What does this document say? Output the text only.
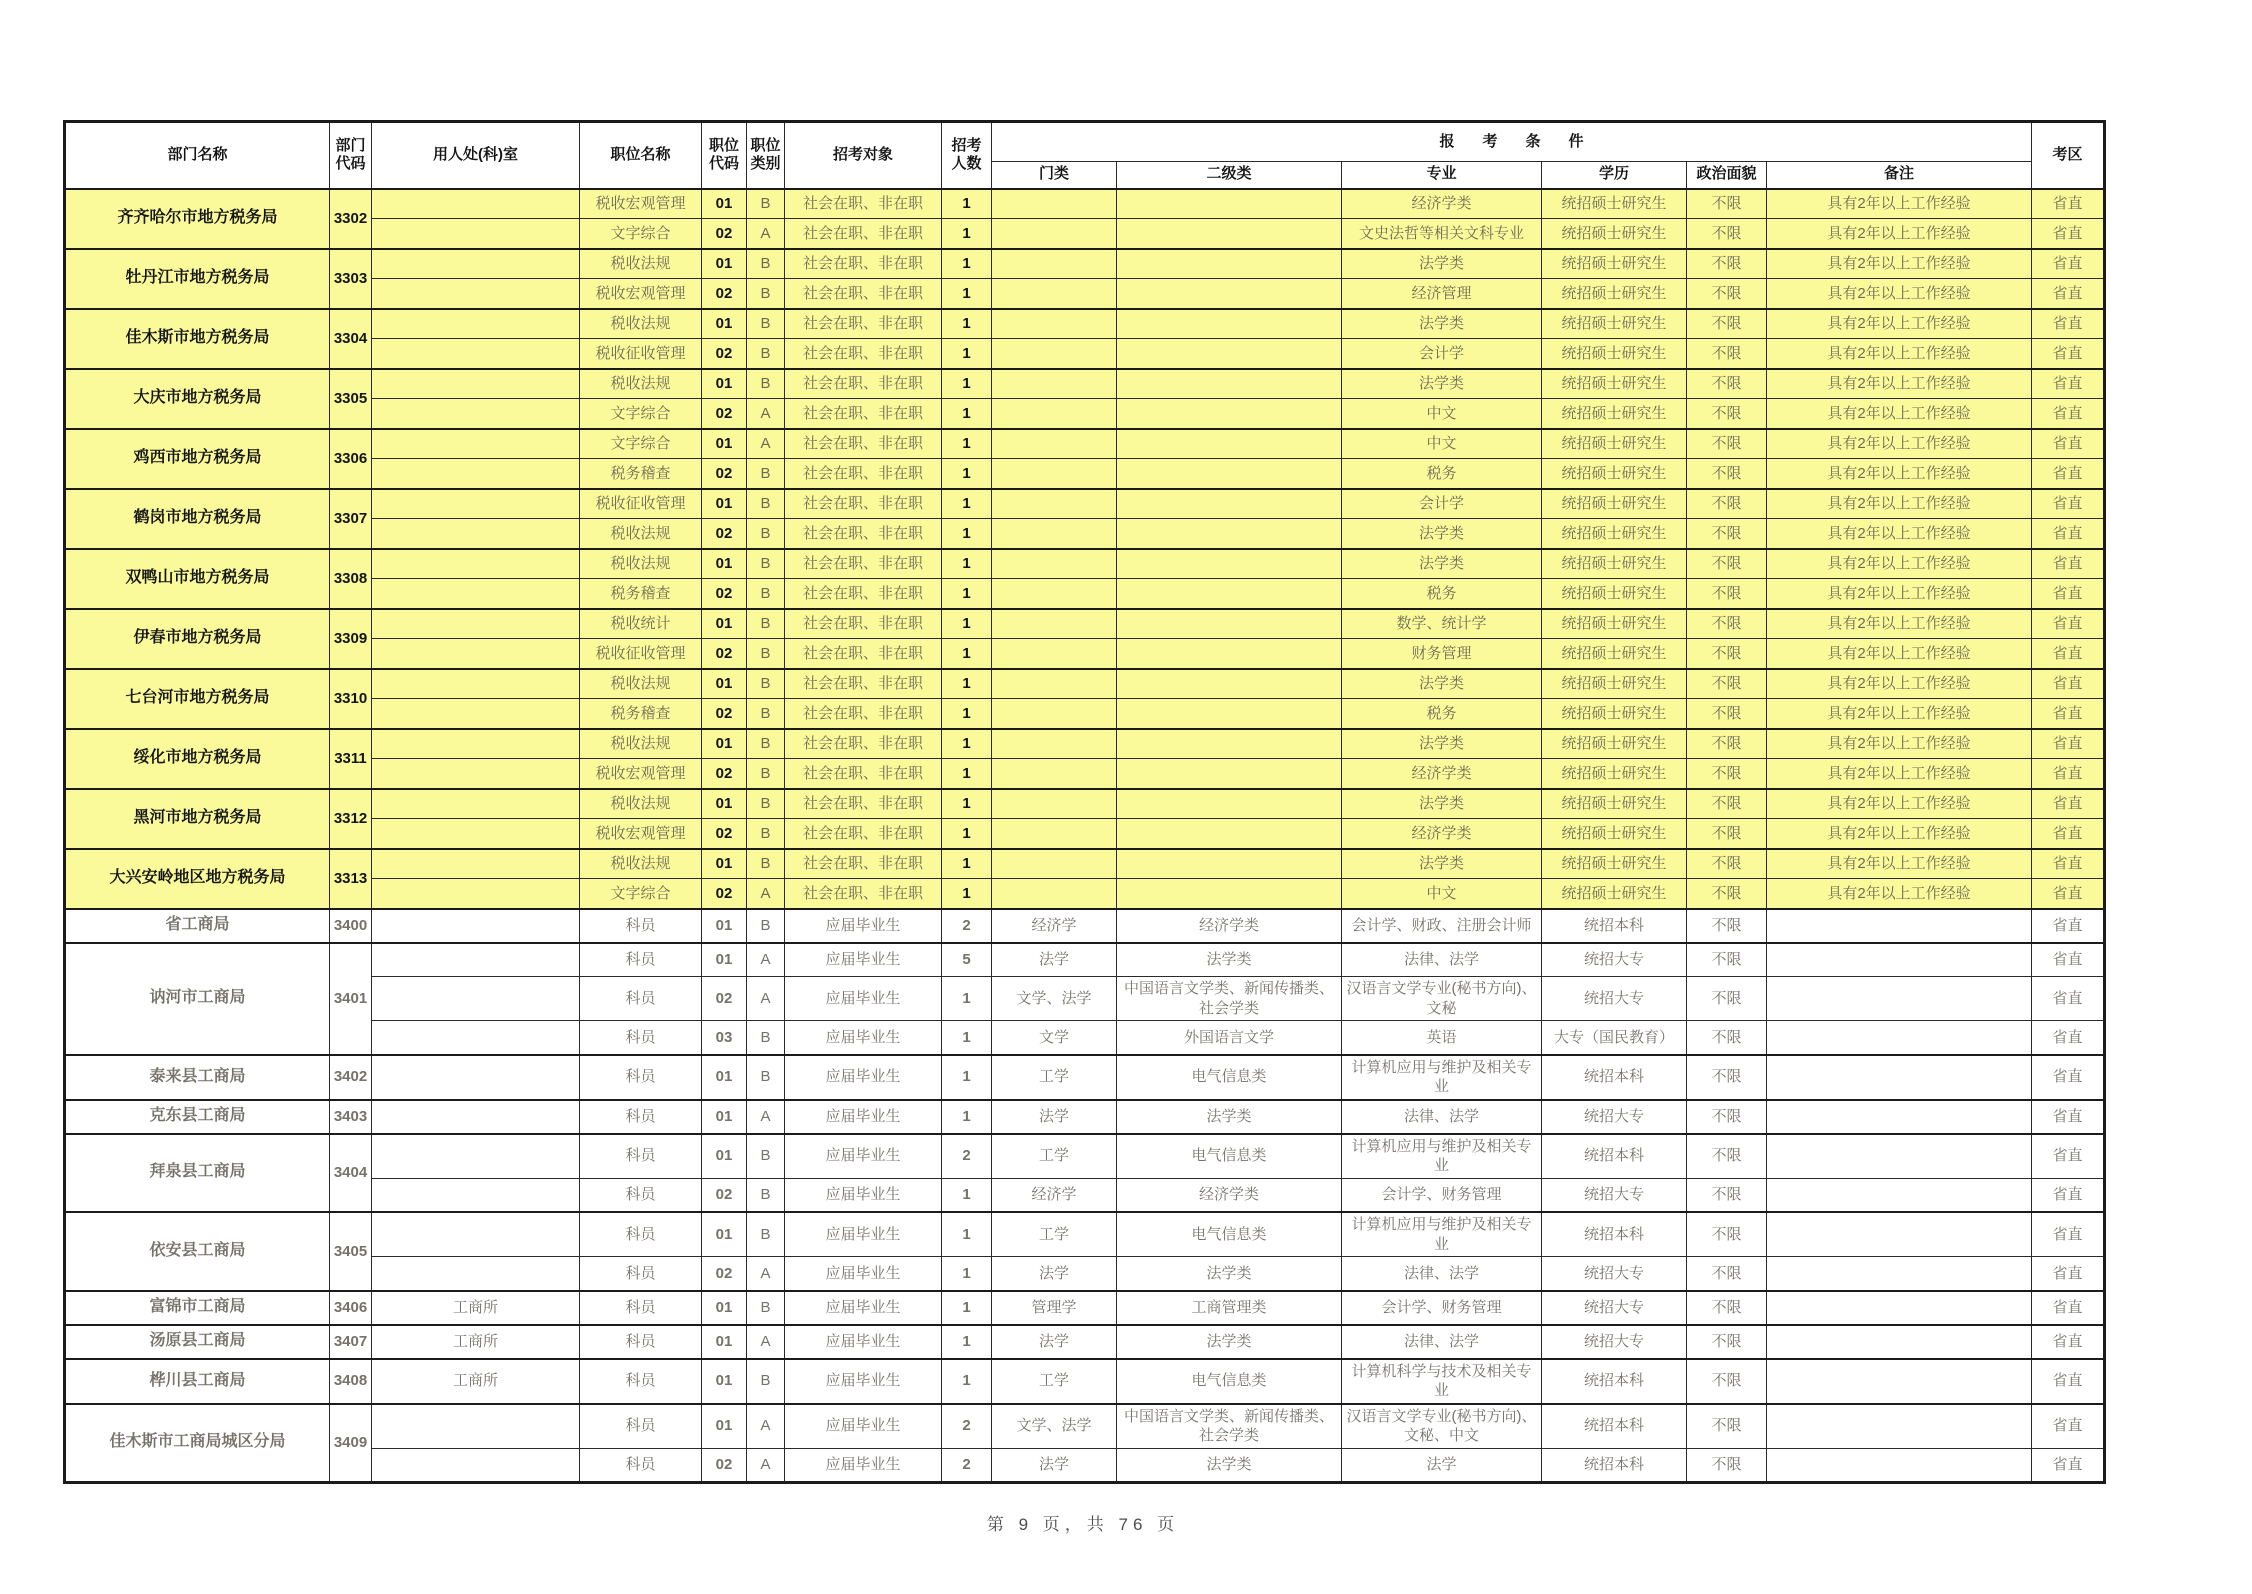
部门名称	部门代码	用人处(科)室	职位名称	职位代码	职位类别	招考对象	招考人数	报考条件						考区
								门类	二级类	专业	学历	政治面貌	备注	
齐齐哈尔市地方税务局	3302		税收宏观管理	01	B	社会在职、非在职	1			经济学类	统招硕士研究生	不限	具有2年以上工作经验	省直
			文字综合	02	A	社会在职、非在职	1			文史法哲等相关文科专业	统招硕士研究生	不限	具有2年以上工作经验	省直
牡丹江市地方税务局	3303		税收法规	01	B	社会在职、非在职	1			法学类	统招硕士研究生	不限	具有2年以上工作经验	省直
			税收宏观管理	02	B	社会在职、非在职	1			经济管理	统招硕士研究生	不限	具有2年以上工作经验	省直
佳木斯市地方税务局	3304		税收法规	01	B	社会在职、非在职	1			法学类	统招硕士研究生	不限	具有2年以上工作经验	省直
			税收征收管理	02	B	社会在职、非在职	1			会计学	统招硕士研究生	不限	具有2年以上工作经验	省直
大庆市地方税务局	3305		税收法规	01	B	社会在职、非在职	1			法学类	统招硕士研究生	不限	具有2年以上工作经验	省直
			文字综合	02	A	社会在职、非在职	1			中文	统招硕士研究生	不限	具有2年以上工作经验	省直
鸡西市地方税务局	3306		文字综合	01	A	社会在职、非在职	1			中文	统招硕士研究生	不限	具有2年以上工作经验	省直
			税务稽查	02	B	社会在职、非在职	1			税务	统招硕士研究生	不限	具有2年以上工作经验	省直
鹤岗市地方税务局	3307		税收征收管理	01	B	社会在职、非在职	1			会计学	统招硕士研究生	不限	具有2年以上工作经验	省直
			税收法规	02	B	社会在职、非在职	1			法学类	统招硕士研究生	不限	具有2年以上工作经验	省直
双鸭山市地方税务局	3308		税收法规	01	B	社会在职、非在职	1			法学类	统招硕士研究生	不限	具有2年以上工作经验	省直
			税务稽查	02	B	社会在职、非在职	1			税务	统招硕士研究生	不限	具有2年以上工作经验	省直
伊春市地方税务局	3309		税收统计	01	B	社会在职、非在职	1			数学、统计学	统招硕士研究生	不限	具有2年以上工作经验	省直
			税收征收管理	02	B	社会在职、非在职	1			财务管理	统招硕士研究生	不限	具有2年以上工作经验	省直
七台河市地方税务局	3310		税收法规	01	B	社会在职、非在职	1			法学类	统招硕士研究生	不限	具有2年以上工作经验	省直
			税务稽查	02	B	社会在职、非在职	1			税务	统招硕士研究生	不限	具有2年以上工作经验	省直
绥化市地方税务局	3311		税收法规	01	B	社会在职、非在职	1			法学类	统招硕士研究生	不限	具有2年以上工作经验	省直
			税收宏观管理	02	B	社会在职、非在职	1			经济学类	统招硕士研究生	不限	具有2年以上工作经验	省直
黑河市地方税务局	3312		税收法规	01	B	社会在职、非在职	1			法学类	统招硕士研究生	不限	具有2年以上工作经验	省直
			税收宏观管理	02	B	社会在职、非在职	1			经济学类	统招硕士研究生	不限	具有2年以上工作经验	省直
大兴安岭地区地方税务局	3313		税收法规	01	B	社会在职、非在职	1			法学类	统招硕士研究生	不限	具有2年以上工作经验	省直
			文字综合	02	A	社会在职、非在职	1			中文	统招硕士研究生	不限	具有2年以上工作经验	省直
省工商局	3400		科员	01	B	应届毕业生	2	经济学	经济学类	会计学、财政、注册会计师	统招本科	不限		省直
讷河市工商局	3401		科员	01	A	应届毕业生	5	法学	法学类	法律、法学	统招大专	不限		省直
			科员	02	A	应届毕业生	1	文学、法学	中国语言文学类、新闻传播类、社会学类	汉语言文学专业(秘书方向)、文秘	统招大专	不限		省直
			科员	03	B	应届毕业生	1	文学	外国语言文学	英语	大专（国民教育）	不限		省直
泰来县工商局	3402		科员	01	B	应届毕业生	1	工学	电气信息类	计算机应用与维护及相关专业	统招本科	不限		省直
克东县工商局	3403		科员	01	A	应届毕业生	1	法学	法学类	法律、法学	统招大专	不限		省直
拜泉县工商局	3404		科员	01	B	应届毕业生	2	工学	电气信息类	计算机应用与维护及相关专业	统招本科	不限		省直
			科员	02	B	应届毕业生	1	经济学	经济学类	会计学、财务管理	统招大专	不限		省直
依安县工商局	3405		科员	01	B	应届毕业生	1	工学	电气信息类	计算机应用与维护及相关专业	统招本科	不限		省直
			科员	02	A	应届毕业生	1	法学	法学类	法律、法学	统招大专	不限		省直
富锦市工商局	3406	工商所	科员	01	B	应届毕业生	1	管理学	工商管理类	会计学、财务管理	统招大专	不限		省直
汤原县工商局	3407	工商所	科员	01	A	应届毕业生	1	法学	法学类	法律、法学	统招大专	不限		省直
桦川县工商局	3408	工商所	科员	01	B	应届毕业生	1	工学	电气信息类	计算机科学与技术及相关专业	统招本科	不限		省直
佳木斯市工商局城区分局	3409		科员	01	A	应届毕业生	2	文学、法学	中国语言文学类、新闻传播类、社会学类	汉语言文学专业(秘书方向)、文秘、中文	统招本科	不限		省直
			科员	02	A	应届毕业生	2	法学	法学类	法学	统招本科	不限		省直
第 9 页，共 76 页
